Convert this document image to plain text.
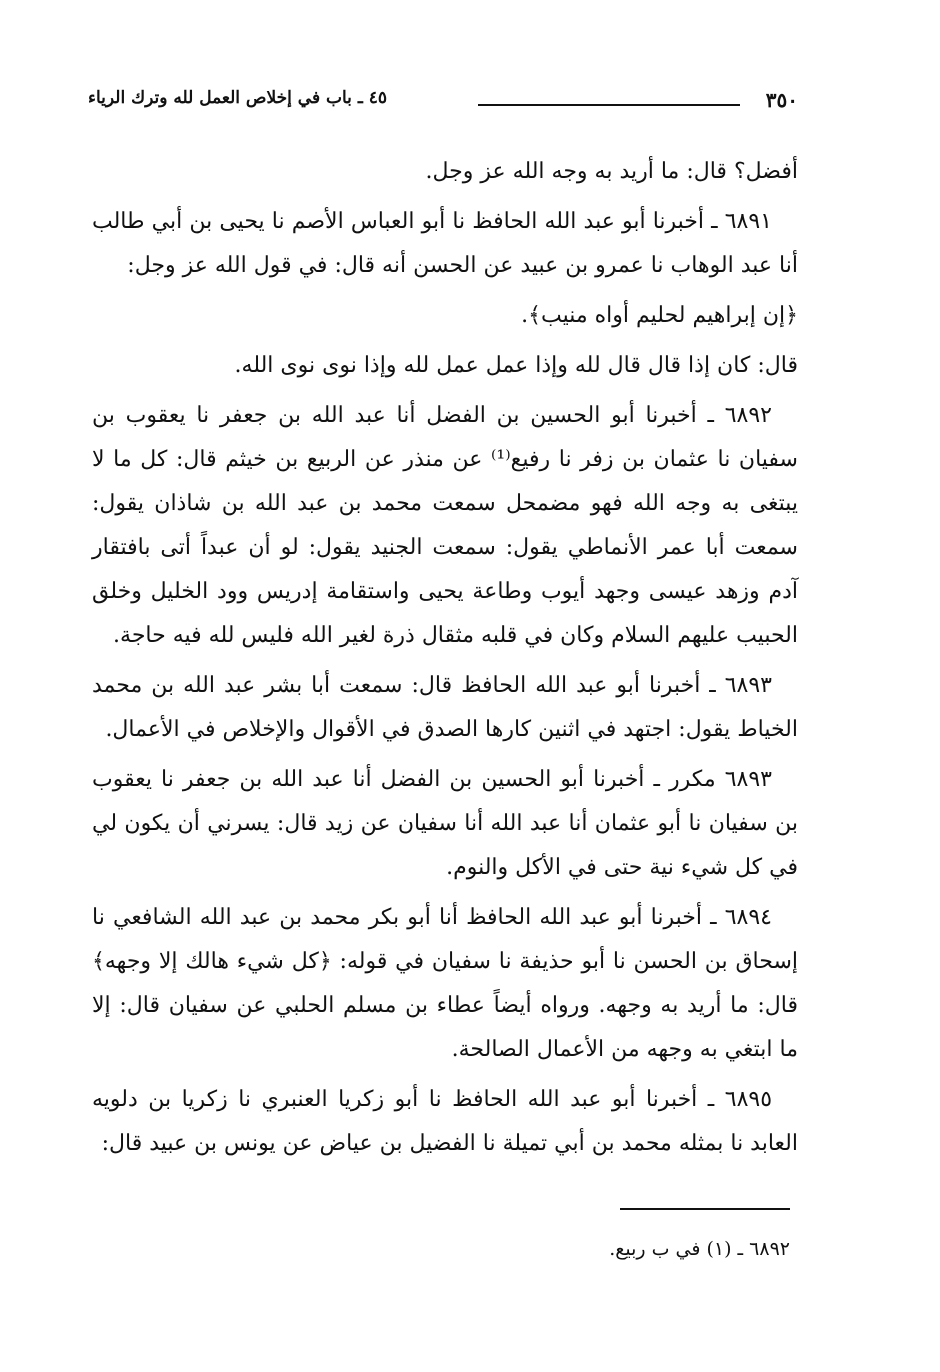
٣٥٠
٤٥ ـ باب في إخلاص العمل لله وترك الرياء

أفضل؟ قال: ما أريد به وجه الله عز وجل.

٦٨٩١ ـ أخبرنا أبو عبد الله الحافظ نا أبو العباس الأصم نا يحيى بن أبي طالب أنا عبد الوهاب نا عمرو بن عبيد عن الحسن أنه قال: في قول الله عز وجل:

﴿إن إبراهيم لحليم أواه منيب﴾.

قال: كان إذا قال قال لله وإذا عمل عمل لله وإذا نوى نوى الله.

٦٨٩٢ ـ أخبرنا أبو الحسين بن الفضل أنا عبد الله بن جعفر نا يعقوب بن سفيان نا عثمان بن زفر نا رفيع⁽¹⁾ عن منذر عن الربيع بن خيثم قال: كل ما لا يبتغى به وجه الله فهو مضمحل سمعت محمد بن عبد الله بن شاذان يقول: سمعت أبا عمر الأنماطي يقول: سمعت الجنيد يقول: لو أن عبداً أتى بافتقار آدم وزهد عيسى وجهد أيوب وطاعة يحيى واستقامة إدريس وود الخليل وخلق الحبيب عليهم السلام وكان في قلبه مثقال ذرة لغير الله فليس لله فيه حاجة.

٦٨٩٣ ـ أخبرنا أبو عبد الله الحافظ قال: سمعت أبا بشر عبد الله بن محمد الخياط يقول: اجتهد في اثنين كارها الصدق في الأقوال والإخلاص في الأعمال.

٦٨٩٣ مكرر ـ أخبرنا أبو الحسين بن الفضل أنا عبد الله بن جعفر نا يعقوب بن سفيان نا أبو عثمان أنا عبد الله أنا سفيان عن زيد قال: يسرني أن يكون لي في كل شيء نية حتى في الأكل والنوم.

٦٨٩٤ ـ أخبرنا أبو عبد الله الحافظ أنا أبو بكر محمد بن عبد الله الشافعي نا إسحاق بن الحسن نا أبو حذيفة نا سفيان في قوله: ﴿كل شيء هالك إلا وجهه﴾ قال: ما أريد به وجهه. ورواه أيضاً عطاء بن مسلم الحلبي عن سفيان قال: إلا ما ابتغي به وجهه من الأعمال الصالحة.

٦٨٩٥ ـ أخبرنا أبو عبد الله الحافظ نا أبو زكريا العنبري نا زكريا بن دلويه العابد نا بمثله محمد بن أبي تميلة نا الفضيل بن عياض عن يونس بن عبيد قال:

٦٨٩٢ ـ (١) في ب ربيع.
